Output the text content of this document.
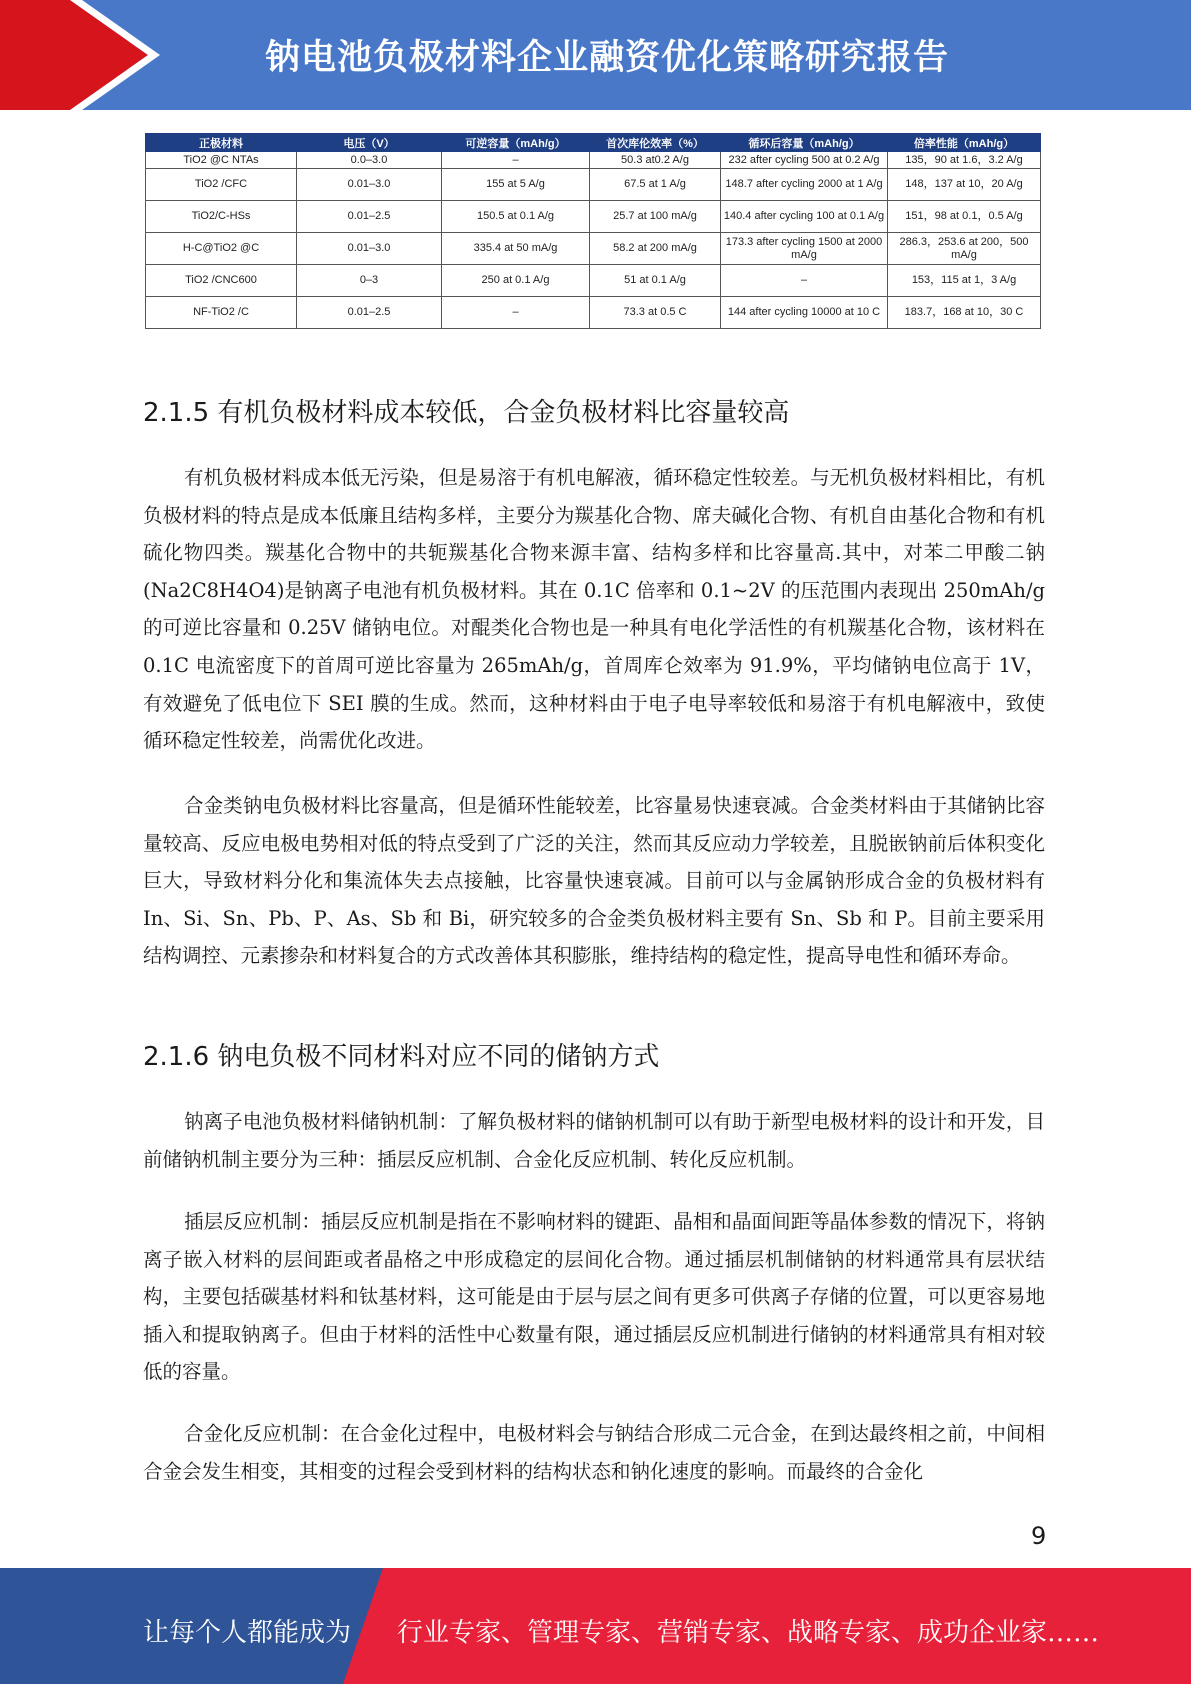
钠电池负极材料企业融资优化策略研究报告
正极材料	电压（V）	可逆容量（mAh/g）	首次库伦效率（%）	循环后容量（mAh/g）	倍率性能（mAh/g）
TiO2 @C NTAs	0.0–3.0	–	50.3 at0.2 A/g	232 after cycling 500 at 0.2 A/g	135，90 at 1.6，3.2 A/g
TiO2 /CFC	0.01–3.0	155 at 5 A/g	67.5 at 1 A/g	148.7 after cycling 2000 at 1 A/g	148，137 at 10，20 A/g
TiO2/C-HSs	0.01–2.5	150.5 at 0.1 A/g	25.7 at 100 mA/g	140.4 after cycling 100 at 0.1 A/g	151，98 at 0.1，0.5 A/g
H-C@TiO2 @C	0.01–3.0	335.4 at 50 mA/g	58.2 at 200 mA/g	173.3 after cycling 1500 at 2000 mA/g	286.3，253.6 at 200，500 mA/g
TiO2 /CNC600	0–3	250 at 0.1 A/g	51 at 0.1 A/g	–	153，115 at 1，3 A/g
NF-TiO2 /C	0.01–2.5	–	73.3 at 0.5 C	144 after cycling 10000 at 10 C	183.7，168 at 10，30 C
2.1.5 有机负极材料成本较低，合金负极材料比容量较高

有机负极材料成本低无污染，但是易溶于有机电解液，循环稳定性较差。与无机负极材料相比，有机负极材料的特点是成本低廉且结构多样，主要分为羰基化合物、席夫碱化合物、有机自由基化合物和有机硫化物四类。羰基化合物中的共轭羰基化合物来源丰富、结构多样和比容量高.其中，对苯二甲酸二钠(Na2C8H4O4)是钠离子电池有机负极材料。其在 0.1C 倍率和 0.1~2V 的压范围内表现出 250mAh/g 的可逆比容量和 0.25V 储钠电位。对醌类化合物也是一种具有电化学活性的有机羰基化合物，该材料在 0.1C 电流密度下的首周可逆比容量为 265mAh/g，首周库仑效率为 91.9%，平均储钠电位高于 1V，有效避免了低电位下 SEI 膜的生成。然而，这种材料由于电子电导率较低和易溶于有机电解液中，致使循环稳定性较差，尚需优化改进。

合金类钠电负极材料比容量高，但是循环性能较差，比容量易快速衰减。合金类材料由于其储钠比容量较高、反应电极电势相对低的特点受到了广泛的关注，然而其反应动力学较差，且脱嵌钠前后体积变化巨大，导致材料分化和集流体失去点接触，比容量快速衰减。目前可以与金属钠形成合金的负极材料有 In、Si、Sn、Pb、P、As、Sb 和 Bi，研究较多的合金类负极材料主要有 Sn、Sb 和 P。目前主要采用结构调控、元素掺杂和材料复合的方式改善体其积膨胀，维持结构的稳定性，提高导电性和循环寿命。

2.1.6 钠电负极不同材料对应不同的储钠方式

钠离子电池负极材料储钠机制：了解负极材料的储钠机制可以有助于新型电极材料的设计和开发，目前储钠机制主要分为三种：插层反应机制、合金化反应机制、转化反应机制。

插层反应机制：插层反应机制是指在不影响材料的键距、晶相和晶面间距等晶体参数的情况下，将钠离子嵌入材料的层间距或者晶格之中形成稳定的层间化合物。通过插层机制储钠的材料通常具有层状结构，主要包括碳基材料和钛基材料，这可能是由于层与层之间有更多可供离子存储的位置，可以更容易地插入和提取钠离子。但由于材料的活性中心数量有限，通过插层反应机制进行储钠的材料通常具有相对较低的容量。

合金化反应机制：在合金化过程中，电极材料会与钠结合形成二元合金，在到达最终相之前，中间相合金会发生相变，其相变的过程会受到材料的结构状态和钠化速度的影响。而最终的合金化

9
让每个人都能成为 行业专家、管理专家、营销专家、战略专家、成功企业家……
